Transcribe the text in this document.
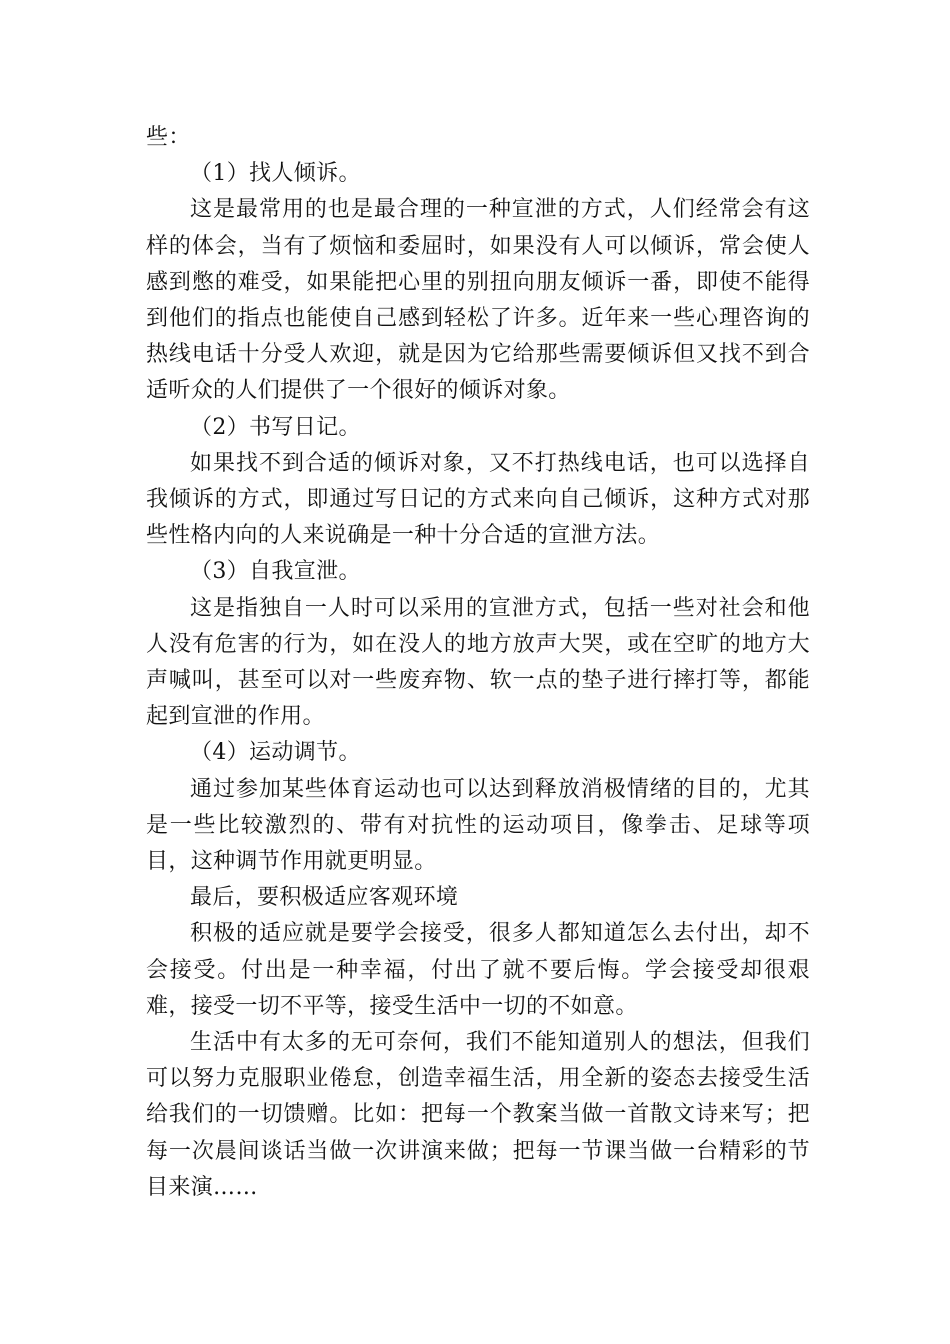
些：

（1）找人倾诉。

这是最常用的也是最合理的一种宣泄的方式，人们经常会有这样的体会，当有了烦恼和委屈时，如果没有人可以倾诉，常会使人感到憋的难受，如果能把心里的别扭向朋友倾诉一番，即使不能得到他们的指点也能使自己感到轻松了许多。近年来一些心理咨询的热线电话十分受人欢迎，就是因为它给那些需要倾诉但又找不到合适听众的人们提供了一个很好的倾诉对象。

（2）书写日记。

如果找不到合适的倾诉对象，又不打热线电话，也可以选择自我倾诉的方式，即通过写日记的方式来向自己倾诉，这种方式对那些性格内向的人来说确是一种十分合适的宣泄方法。

（3）自我宣泄。

这是指独自一人时可以采用的宣泄方式，包括一些对社会和他人没有危害的行为，如在没人的地方放声大哭，或在空旷的地方大声喊叫，甚至可以对一些废弃物、软一点的垫子进行摔打等，都能起到宣泄的作用。

（4）运动调节。

通过参加某些体育运动也可以达到释放消极情绪的目的，尤其是一些比较激烈的、带有对抗性的运动项目，像拳击、足球等项目，这种调节作用就更明显。

最后，要积极适应客观环境

积极的适应就是要学会接受，很多人都知道怎么去付出，却不会接受。付出是一种幸福，付出了就不要后悔。学会接受却很艰难，接受一切不平等，接受生活中一切的不如意。

生活中有太多的无可奈何，我们不能知道别人的想法，但我们可以努力克服职业倦怠，创造幸福生活，用全新的姿态去接受生活给我们的一切馈赠。比如：把每一个教案当做一首散文诗来写；把每一次晨间谈话当做一次讲演来做；把每一节课当做一台精彩的节目来演……
